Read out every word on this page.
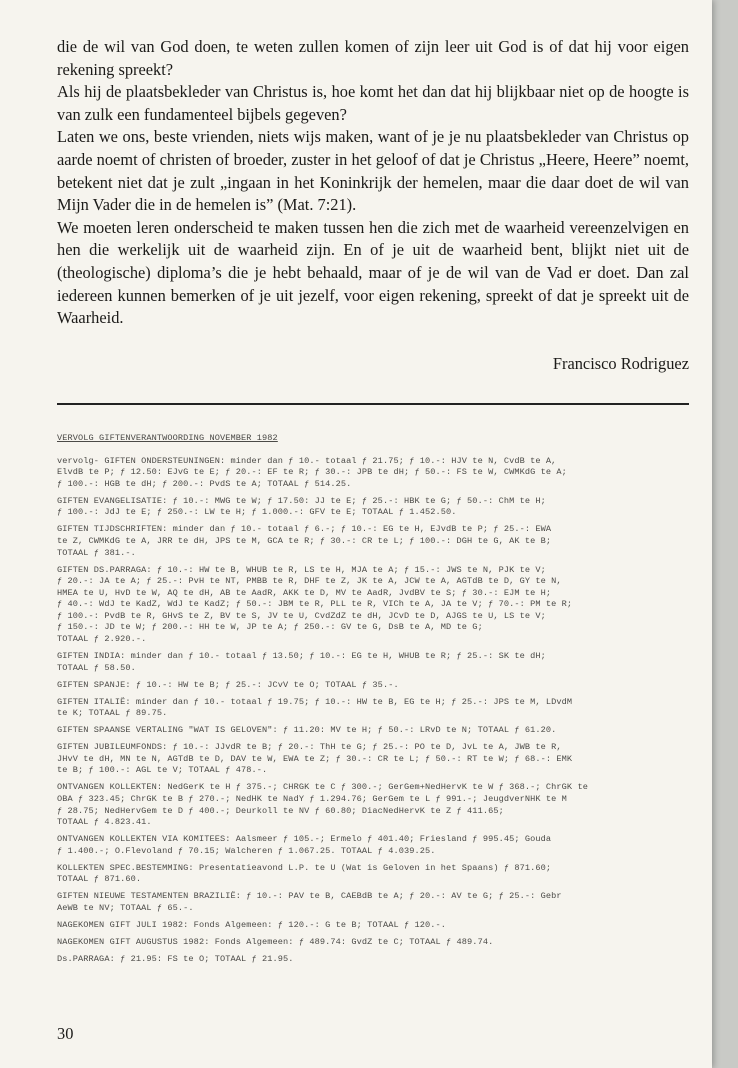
die de wil van God doen, te weten zullen komen of zijn leer uit God is of dat hij voor eigen rekening spreekt?

Als hij de plaatsbekleder van Christus is, hoe komt het dan dat hij blijkbaar niet op de hoogte is van zulk een fundamenteel bijbels gegeven?

Laten we ons, beste vrienden, niets wijs maken, want of je je nu plaatsbekleder van Christus op aarde noemt of christen of broeder, zuster in het geloof of dat je Christus „Heere, Heere” noemt, betekent niet dat je zult „ingaan in het Koninkrijk der hemelen, maar die daar doet de wil van Mijn Vader die in de hemelen is” (Mat. 7:21).

We moeten leren onderscheid te maken tussen hen die zich met de waarheid vereenzelvigen en hen die werkelijk uit de waarheid zijn. En of je uit de waarheid bent, blijkt niet uit de (theologische) diploma’s die je hebt behaald, maar of je de wil van de Vad er doet. Dan zal iedereen kunnen bemerken of je uit jezelf, voor eigen rekening, spreekt of dat je spreekt uit de Waarheid.

Francisco Rodriguez
VERVOLG GIFTENVERANTWOORDING NOVEMBER 1982
vervolg- GIFTEN ONDERSTEUNINGEN: minder dan ƒ 10.- totaal ƒ 21.75; ƒ 10.-: HJV te N, CvdB te A,
ElvdB te P; ƒ 12.50: EJvG te E; ƒ 20.-: EF te R; ƒ 30.-: JPB te dH; ƒ 50.-: FS te W, CWMKdG te A;
ƒ 100.-: HGB te dH; ƒ 200.-: PvdS te A; TOTAAL ƒ 514.25.
GIFTEN EVANGELISATIE: ƒ 10.-: MWG te W; ƒ 17.50: JJ te E; ƒ 25.-: HBK te G; ƒ 50.-: ChM te H;
ƒ 100.-: JdJ te E; ƒ 250.-: LW te H; ƒ 1.000.-: GFV te E; TOTAAL ƒ 1.452.50.
GIFTEN TIJDSCHRIFTEN: minder dan ƒ 10.- totaal ƒ 6.-; ƒ 10.-: EG te H, EJvdB te P; ƒ 25.-: EWA
te Z, CWMKdG te A, JRR te dH, JPS te M, GCA te R; ƒ 30.-: CR te L; ƒ 100.-: DGH te G, AK te B;
TOTAAL ƒ 381.-.
GIFTEN DS.PARRAGA: ƒ 10.-: HW te B, WHUB te R, LS te H, MJA te A; ƒ 15.-: JWS te N, PJK te V;
ƒ 20.-: JA te A; ƒ 25.-: PvH te NT, PMBB te R, DHF te Z, JK te A, JCW te A, AGTdB te D, GY te N,
HMEA te U, HvD te W, AQ te dH, AB te AadR, AKK te D, MV te AadR, JvdBV te S; ƒ 30.-: EJM te H;
ƒ 40.-: WdJ te KadZ, WdJ te KadZ; ƒ 50.-: JBM te R, PLL te R, VICh te A, JA te V; ƒ 70.-: PM te R;
ƒ 100.-: PvdB te R, GHvS te Z, BV te S, JV te U, CvdZdZ te dH, JCvD te D, AJGS te U, LS te V;
ƒ 150.-: JD te W; ƒ 200.-: HH te W, JP te A; ƒ 250.-: GV te G, DsB te A, MD te G;
TOTAAL ƒ 2.920.-.
GIFTEN INDIA: minder dan ƒ 10.- totaal ƒ 13.50; ƒ 10.-: EG te H, WHUB te R; ƒ 25.-: SK te dH;
TOTAAL ƒ 58.50.
GIFTEN SPANJE: ƒ 10.-: HW te B; ƒ 25.-: JCvV te O; TOTAAL ƒ 35.-.
GIFTEN ITALIË: minder dan ƒ 10.- totaal ƒ 19.75; ƒ 10.-: HW te B, EG te H; ƒ 25.-: JPS te M, LDvdM
te K; TOTAAL ƒ 89.75.
GIFTEN SPAANSE VERTALING "WAT IS GELOVEN": ƒ 11.20: MV te H; ƒ 50.-: LRvD te N; TOTAAL ƒ 61.20.
GIFTEN JUBILEUMFONDS: ƒ 10.-: JJvdR te B; ƒ 20.-: ThH te G; ƒ 25.-: PO te D, JvL te A, JWB te R,
JHvV te dH, MN te N, AGTdB te D, DAV te W, EWA te Z; ƒ 30.-: CR te L; ƒ 50.-: RT te W; ƒ 68.-: EMK
te B; ƒ 100.-: AGL te V; TOTAAL ƒ 478.-.
ONTVANGEN KOLLEKTEN: NedGerK te H ƒ 375.-; CHRGK te C ƒ 300.-; GerGem+NedHervK te W ƒ 368.-; ChrGK te
OBA ƒ 323.45; ChrGK te B ƒ 270.-; NedHK te NadY ƒ 1.294.76; GerGem te L ƒ 991.-; JeugdverNHK te M
ƒ 28.75; NedHervGem te D ƒ 400.-; Deurkoll te NV ƒ 60.80; DiacNedHervK te Z ƒ 411.65;
TOTAAL ƒ 4.823.41.
ONTVANGEN KOLLEKTEN VIA KOMITEES: Aalsmeer ƒ 105.-; Ermelo ƒ 401.40; Friesland ƒ 995.45; Gouda
ƒ 1.400.-; O.Flevoland ƒ 70.15; Walcheren ƒ 1.067.25. TOTAAL ƒ 4.039.25.
KOLLEKTEN SPEC.BESTEMMING: Presentatieavond L.P. te U (Wat is Geloven in het Spaans) ƒ 871.60;
TOTAAL ƒ 871.60.
GIFTEN NIEUWE TESTAMENTEN BRAZILIË: ƒ 10.-: PAV te B, CAEBdB te A; ƒ 20.-: AV te G; ƒ 25.-: Gebr
AeWB te NV; TOTAAL ƒ 65.-.
NAGEKOMEN GIFT JULI 1982: Fonds Algemeen: ƒ 120.-: G te B; TOTAAL ƒ 120.-.
NAGEKOMEN GIFT AUGUSTUS 1982: Fonds Algemeen: ƒ 489.74: GvdZ te C; TOTAAL ƒ 489.74.
Ds.PARRAGA: ƒ 21.95: FS te O; TOTAAL ƒ 21.95.
30
